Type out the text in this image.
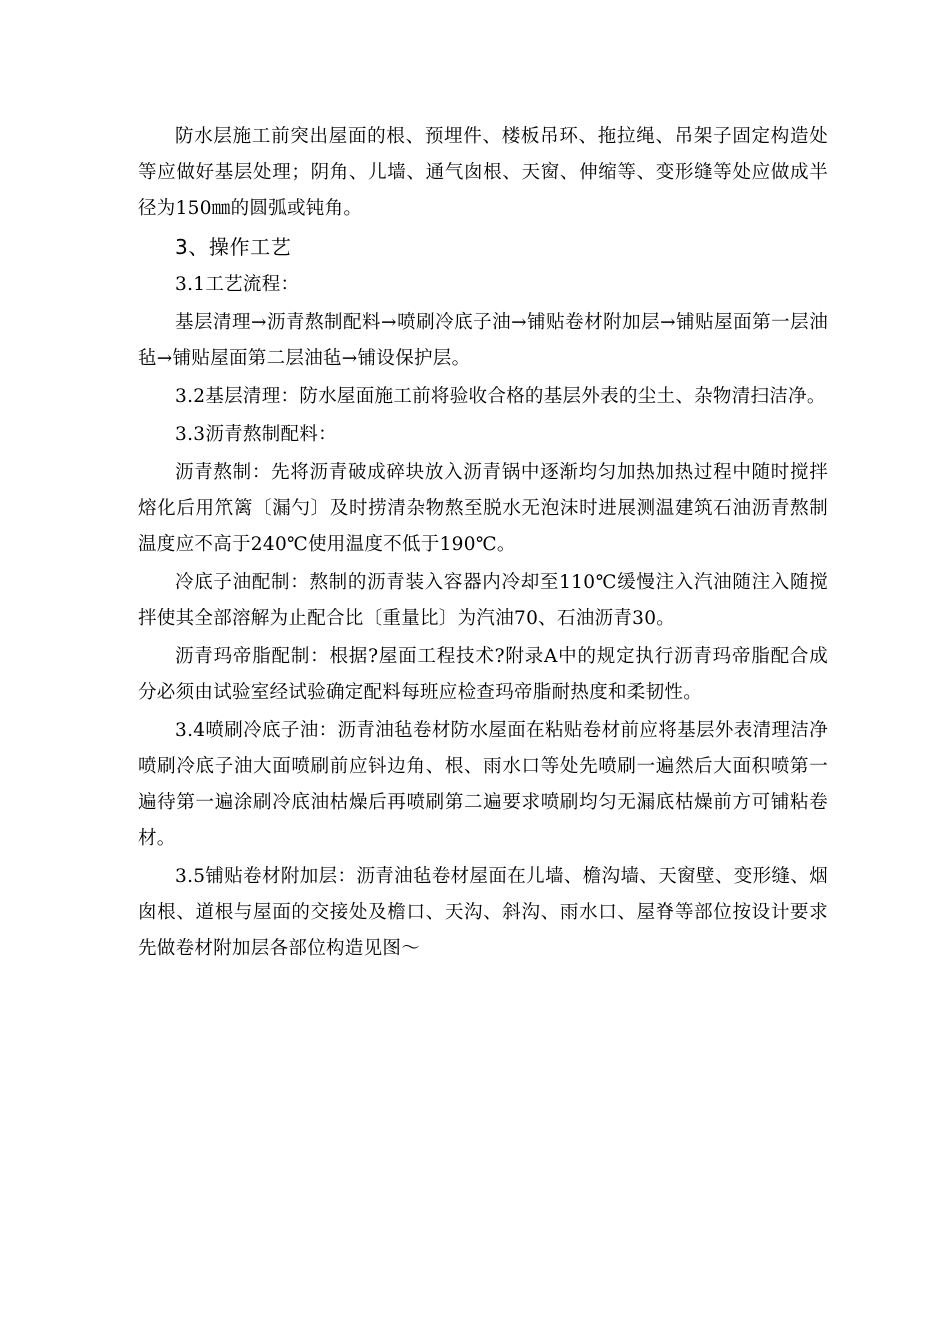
防水层施工前突出屋面的根、预埋件、楼板吊环、拖拉绳、吊架子固定构造处等应做好基层处理；阴角、儿墙、通气囱根、天窗、伸缩等、变形缝等处应做成半径为150㎜的圆弧或钝角。

3、操作工艺

3.1工艺流程：

基层清理→沥青熬制配料→喷刷冷底子油→铺贴卷材附加层→铺贴屋面第一层油毡→铺贴屋面第二层油毡→铺设保护层。

3.2基层清理：防水屋面施工前将验收合格的基层外表的尘土、杂物清扫洁净。

3.3沥青熬制配料：

沥青熬制：先将沥青破成碎块放入沥青锅中逐渐均匀加热加热过程中随时搅拌熔化后用笊篱〔漏勺〕及时捞清杂物熬至脱水无泡沫时进展测温建筑石油沥青熬制温度应不高于240℃使用温度不低于190℃。

冷底子油配制：熬制的沥青装入容器内冷却至110℃缓慢注入汽油随注入随搅拌使其全部溶解为止配合比〔重量比〕为汽油70、石油沥青30。

沥青玛帝脂配制：根据?屋面工程技术?附录A中的规定执行沥青玛帝脂配合成分必须由试验室经试验确定配料每班应检查玛帝脂耐热度和柔韧性。

3.4喷刷冷底子油：沥青油毡卷材防水屋面在粘贴卷材前应将基层外表清理洁净喷刷冷底子油大面喷刷前应钭边角、根、雨水口等处先喷刷一遍然后大面积喷第一遍待第一遍涂刷冷底油枯燥后再喷刷第二遍要求喷刷均匀无漏底枯燥前方可铺粘卷材。

3.5铺贴卷材附加层：沥青油毡卷材屋面在儿墙、檐沟墙、天窗壁、变形缝、烟囱根、道根与屋面的交接处及檐口、天沟、斜沟、雨水口、屋脊等部位按设计要求先做卷材附加层各部位构造见图～
